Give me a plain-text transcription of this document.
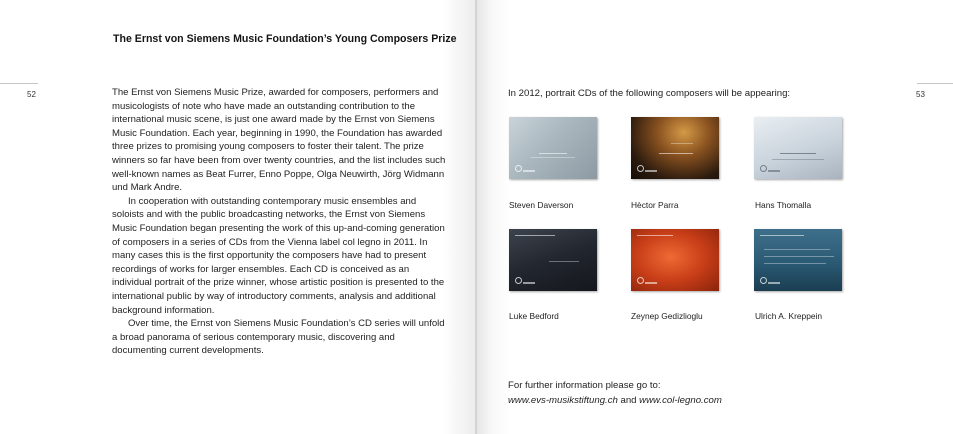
The Ernst von Siemens Music Foundation’s Young Composers Prize
52	The Ernst von Siemens Music Prize, awarded for composers, performers and musicologists of note who have made an outstanding contribution to the international music scene, is just one award made by the Ernst von Siemens Music Foundation. Each year, beginning in 1990, the Foundation has awarded three prizes to promising young composers to foster their talent. The prize winners so far have been from over twenty countries, and the list includes such well-known names as Beat Furrer, Enno Poppe, Olga Neuwirth, Jörg Widmann und Mark Andre.

In cooperation with outstanding contemporary music ensembles and soloists and with the public broadcasting networks, the Ernst von Siemens Music Foundation began presenting the work of this up-and-coming generation of composers in a series of CDs from the Vienna label col legno in 2011. In many cases this is the first opportunity the composers have had to present recordings of works for larger ensembles. Each CD is conceived as an individual portrait of the prize winner, whose artistic position is presented to the international public by way of introductory comments, analysis and additional background information.

Over time, the Ernst von Siemens Music Foundation’s CD series will unfold a broad panorama of serious contemporary music, discovering and documenting current developments.

53
In 2012, portrait CDs of the following composers will be appearing:
Steven Daverson	Hèctor Parra	Hans Thomalla
Luke Bedford	Zeynep Gedizlioglu	Ulrich A. Kreppein
For further information please go to:
www.evs-musikstiftung.ch and www.col-legno.com
